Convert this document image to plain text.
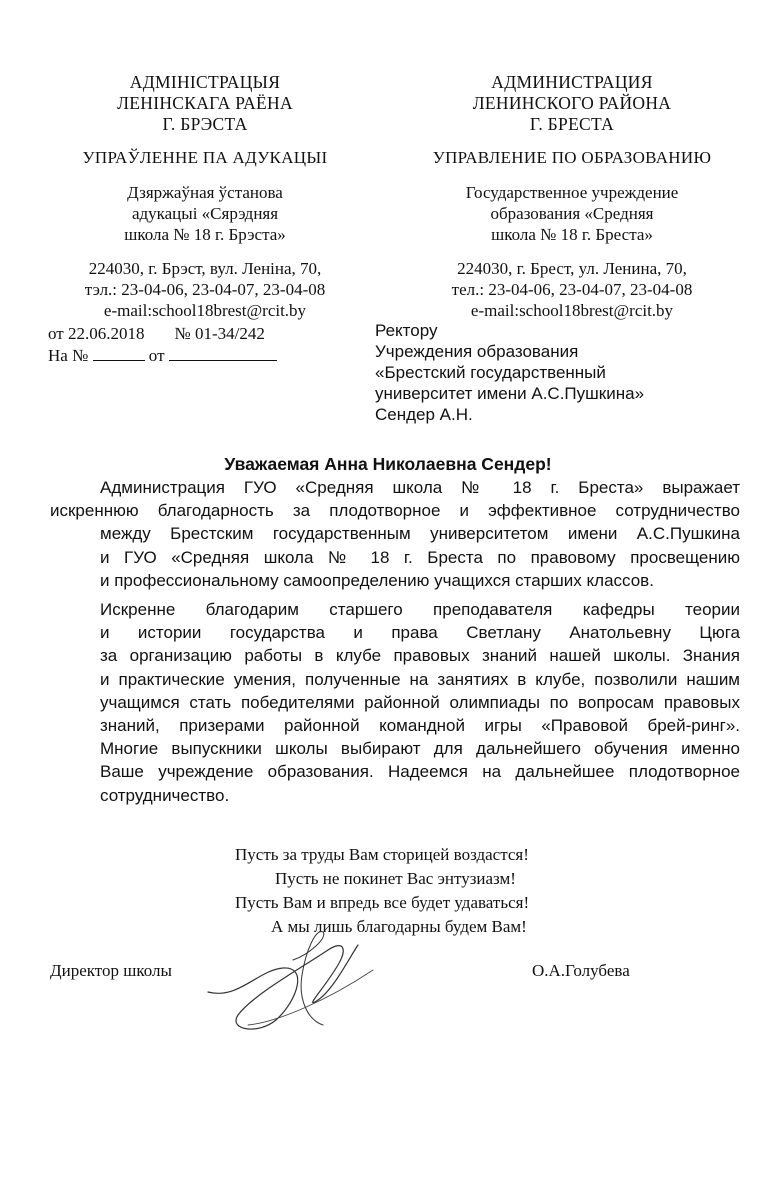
АДМІНІСТРАЦЫЯ
ЛЕНІНСКАГА РАЁНА
Г. БРЭСТА
УПРАЎЛЕННЕ ПА АДУКАЦЫІ
Дзяржаўная ўстанова
адукацыі «Сярэдняя
школа № 18 г. Брэста»
224030, г. Брэст, вул. Леніна, 70,
тэл.: 23-04-06, 23-04-07, 23-04-08
e-mail:school18brest@rcit.by
АДМИНИСТРАЦИЯ
ЛЕНИНСКОГО РАЙОНА
Г. БРЕСТА
УПРАВЛЕНИЕ ПО ОБРАЗОВАНИЮ
Государственное учреждение
образования «Средняя
школа № 18 г. Бреста»
224030, г. Брест, ул. Ленина, 70,
тел.: 23-04-06, 23-04-07, 23-04-08
e-mail:school18brest@rcit.by
от 22.06.2018 № 01-34/242
На №	от
Ректору
Учреждения образования
«Брестский государственный
университет имени А.С.Пушкина»
Сендер А.Н.
Уважаемая Анна Николаевна Сендер!

Администрация ГУО «Средняя школа № 18 г. Бреста» выражает
искреннюю благодарность за плодотворное и эффективное сотрудничество
между Брестским государственным университетом имени А.С.Пушкина
и ГУО «Средняя школа № 18 г. Бреста по правовому просвещению
и профессиональному самоопределению учащихся старших классов.

Искренне благодарим старшего преподавателя кафедры теории
и истории государства и права Светлану Анатольевну Цюга
за организацию работы в клубе правовых знаний нашей школы. Знания
и практические умения, полученные на занятиях в клубе, позволили нашим
учащимся стать победителями районной олимпиады по вопросам правовых
знаний, призерами районной командной игры «Правовой брей-ринг».
Многие выпускники школы выбирают для дальнейшего обучения именно
Ваше учреждение образования. Надеемся на дальнейшее плодотворное
сотрудничество.

Пусть за труды Вам сторицей воздастся!
Пусть не покинет Вас энтузиазм!
Пусть Вам и впредь все будет удаваться!
А мы лишь благодарны будем Вам!
Директор школы	О.А.Голубева
